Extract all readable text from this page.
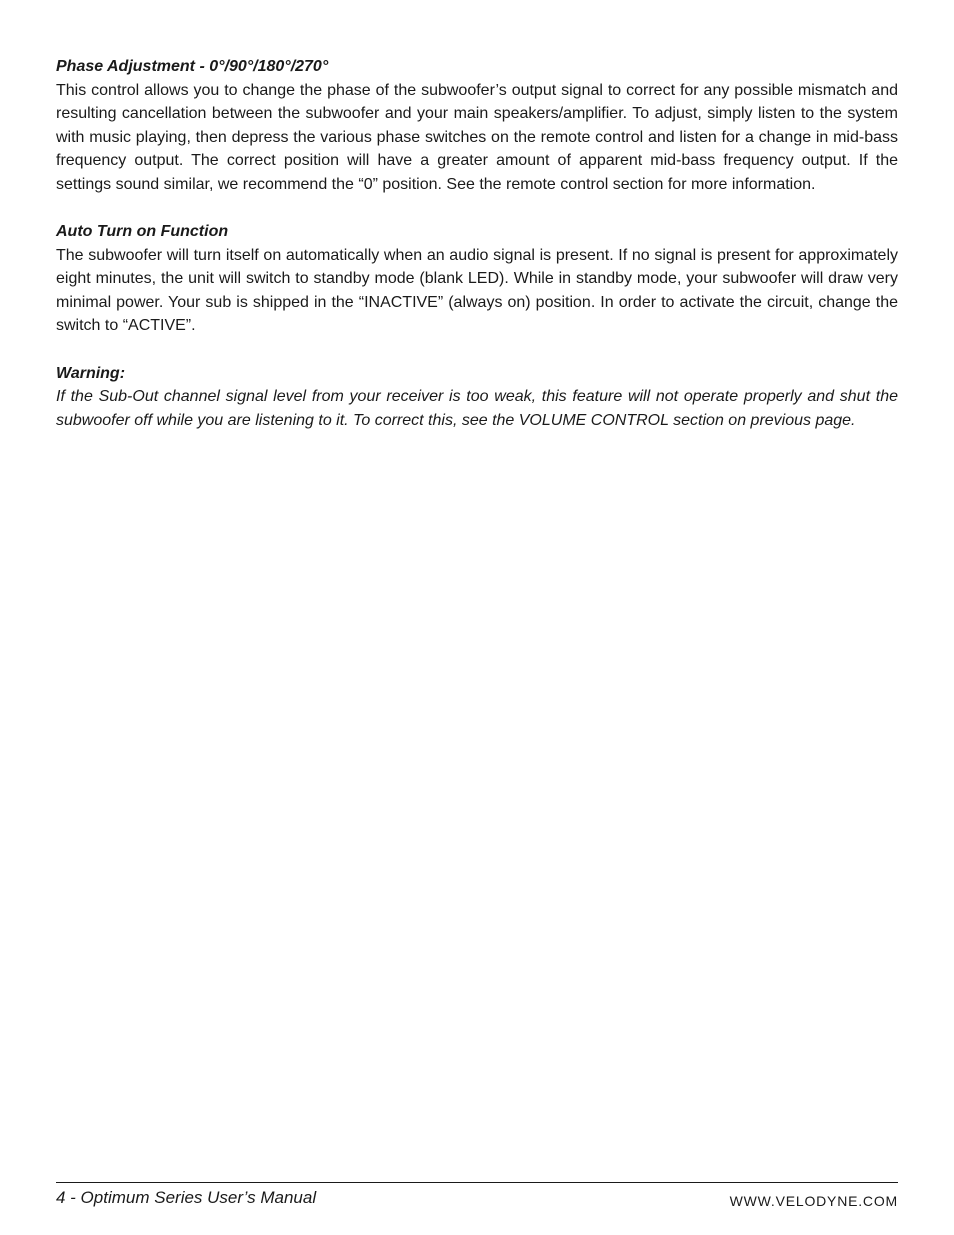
Phase Adjustment - 0°/90°/180°/270°

This control allows you to change the phase of the subwoofer’s output signal to correct for any possible mismatch and resulting cancellation between the subwoofer and your main speakers/amplifier. To adjust, simply listen to the system with music playing, then depress the various phase switches on the remote control and listen for a change in mid-bass frequency output. The correct position will have a greater amount of apparent mid-bass frequency output. If the settings sound similar, we recommend the “0” position. See the remote control section for more information.

Auto Turn on Function

The subwoofer will turn itself on automatically when an audio signal is present. If no signal is present for approximately eight minutes, the unit will switch to standby mode (blank LED). While in standby mode, your subwoofer will draw very minimal power. Your sub is shipped in the “INACTIVE” (always on) position. In order to activate the circuit, change the switch to “ACTIVE”.

Warning:

If the Sub-Out channel signal level from your receiver is too weak, this feature will not operate properly and shut the subwoofer off while you are listening to it. To correct this, see the VOLUME CONTROL section on previous page.

4 - Optimum Series User’s Manual	WWW.VELODYNE.COM
